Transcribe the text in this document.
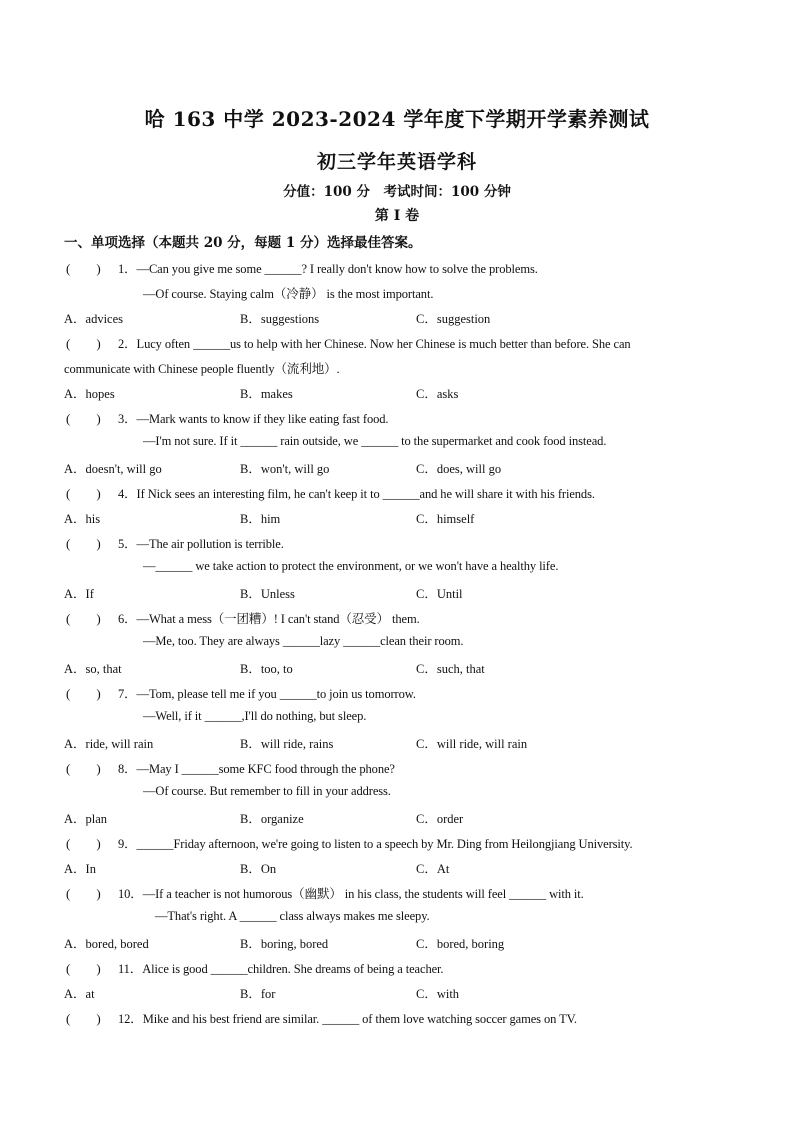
哈 163 中学 2023-2024 学年度下学期开学素养测试
初三学年英语学科
分值：100 分　考试时间：100 分钟
第 I 卷
一、单项选择（本题共 20 分，每题 1 分）选择最佳答案。
(　　) 1．—Can you give me some ______? I really don't know how to solve the problems.
—Of course. Staying calm（冷静） is the most important.
A．advices	B．suggestions	C．suggestion
(　　) 2．Lucy often ______us to help with her Chinese. Now her Chinese is much better than before. She can
communicate with Chinese people fluently（流利地）.
A．hopes	B．makes	C．asks
(　　) 3．—Mark wants to know if they like eating fast food.
—I'm not sure. If it ______ rain outside, we ______ to the supermarket and cook food instead.
A．doesn't, will go	B．won't, will go	C．does, will go
(　　) 4．If Nick sees an interesting film, he can't keep it to ______and he will share it with his friends.
A．his	B．him	C．himself
(　　) 5．—The air pollution is terrible.
—______ we take action to protect the environment, or we won't have a healthy life.
A．If	B．Unless	C．Until
(　　) 6．—What a mess（一团糟）! I can't stand（忍受） them.
—Me, too. They are always ______lazy ______clean their room.
A．so, that	B．too, to	C．such, that
(　　) 7．—Tom, please tell me if you ______to join us tomorrow.
—Well, if it ______,I'll do nothing, but sleep.
A．ride, will rain	B．will ride, rains	C．will ride, will rain
(　　) 8．—May I ______some KFC food through the phone?
—Of course. But remember to fill in your address.
A．plan	B．organize	C．order
(　　) 9．______Friday afternoon, we're going to listen to a speech by Mr. Ding from Heilongjiang University.
A．In	B．On	C．At
(　　) 10．—If a teacher is not humorous（幽默） in his class, the students will feel ______ with it.
—That's right. A ______ class always makes me sleepy.
A．bored, bored	B．boring, bored	C．bored, boring
(　　) 11．Alice is good ______children. She dreams of being a teacher.
A．at	B．for	C．with
(　　) 12．Mike and his best friend are similar. ______ of them love watching soccer games on TV.
